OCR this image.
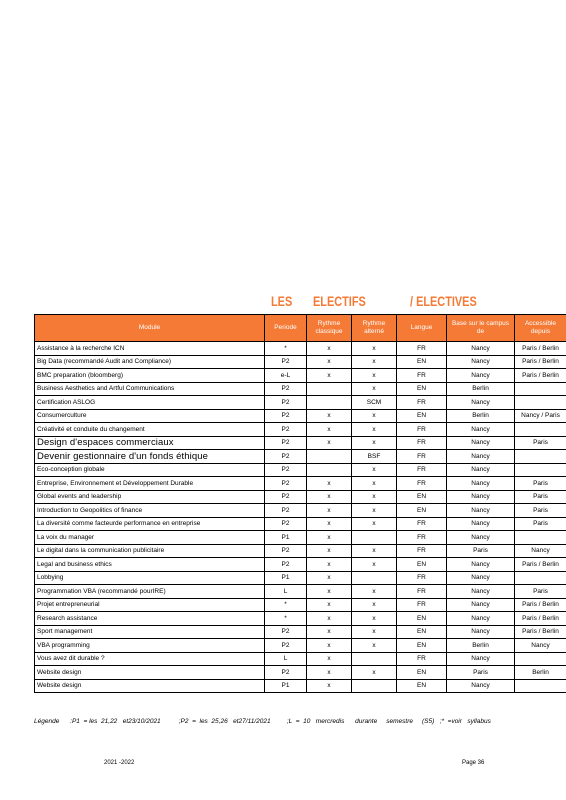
LES ELECTIFS	/ ELECTIVES
Module	Periode	Rythme classique	Rythme alterné	Langue	Base sur le campus de	Accessible depuis
Assistance à la recherche ICN	*	x	x	FR	Nancy	Paris / Berlin
Big Data (recommandé Audit and Compliance)	P2	x	x	EN	Nancy	Paris / Berlin
BMC preparation (bloomberg)	e-L	x	x	FR	Nancy	Paris / Berlin
Business Aesthetics and Artful Communications	P2		x	EN	Berlin	
Certification ASLOG	P2		SCM	FR	Nancy	
Consumerculture	P2	x	x	EN	Berlin	Nancy / Paris
Créativité et conduite du changement	P2	x	x	FR	Nancy	
Design d'espaces commerciaux	P2	x	x	FR	Nancy	Paris
Devenir gestionnaire d'un fonds éthique	P2		BSF	FR	Nancy	
Eco-conception globale	P2		x	FR	Nancy	
Entreprise, Environnement et Développement Durable	P2	x	x	FR	Nancy	Paris
Global events and leadership	P2	x	x	EN	Nancy	Paris
Introduction to Geopolitics of finance	P2	x	x	EN	Nancy	Paris
La diversité comme facteurde performance en entreprise	P2	x	x	FR	Nancy	Paris
La voix du manager	P1	x		FR	Nancy	
Le digital dans la communication publicitaire	P2	x	x	FR	Paris	Nancy
Legal and business ethics	P2	x	x	EN	Nancy	Paris / Berlin
Lobbying	P1	x		FR	Nancy	
Programmation VBA (recommandé pourIRE)	L	x	x	FR	Nancy	Paris
Projet entrepreneurial	*	x	x	FR	Nancy	Paris / Berlin
Research assistance	*	x	x	EN	Nancy	Paris / Berlin
Sport management	P2	x	x	EN	Nancy	Paris / Berlin
VBA programming	P2	x	x	EN	Berlin	Nancy
Vous avez dit durable ?	L	x		FR	Nancy	
Website design	P2	x	x	EN	Paris	Berlin
Website design	P1	x		EN	Nancy	
Légende      :P1  = les  21,22   et23/10/2021          ;P2  =  les  25,26   et27/11/2021         ;L  =  10   mercredis      durante     semestre     (S5)   ;*  =voir   syllabus
2021 -2022	Page 36
